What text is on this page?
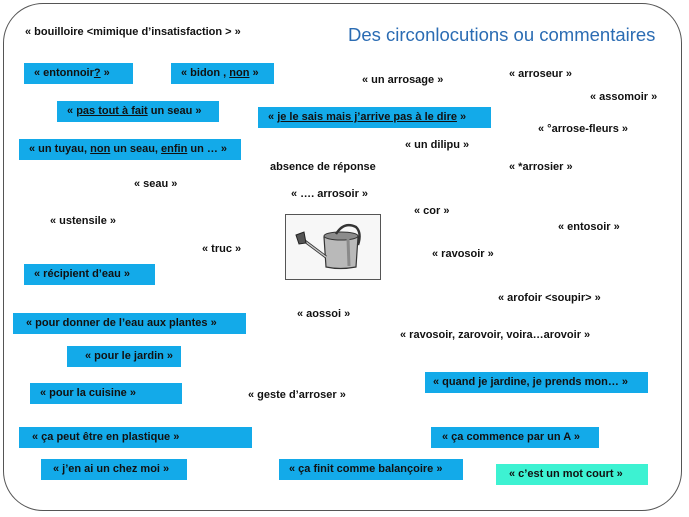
Des circonlocutions ou commentaires
« bouilloire <mimique d’insatisfaction > »
« un arrosage »	« arroseur »
« assomoir »
« °arrose-fleurs »
« un dilipu »
absence de réponse	« *arrosier »
« seau »
« …. arrosoir »
« cor »
« entosoir »
« ustensile »
« truc »	« ravosoir »
« arofoir <soupir> »
« aossoi »
« ravosoir, zarovoir, voira…arovoir »
« geste d’arroser »
« entonnoir? »	« bidon , non »
« pas tout à fait un seau »	« je le sais mais j’arrive pas à le dire »
« un tuyau, non un seau, enfin un … »
« récipient d’eau »
« pour donner de l’eau aux plantes »
« pour le jardin »
« pour la cuisine »
« quand je jardine, je prends mon… »
« ça peut être en plastique »	« ça commence par un A »
« j’en ai un chez moi »	« ça finit comme balançoire »	« c’est un mot court »
